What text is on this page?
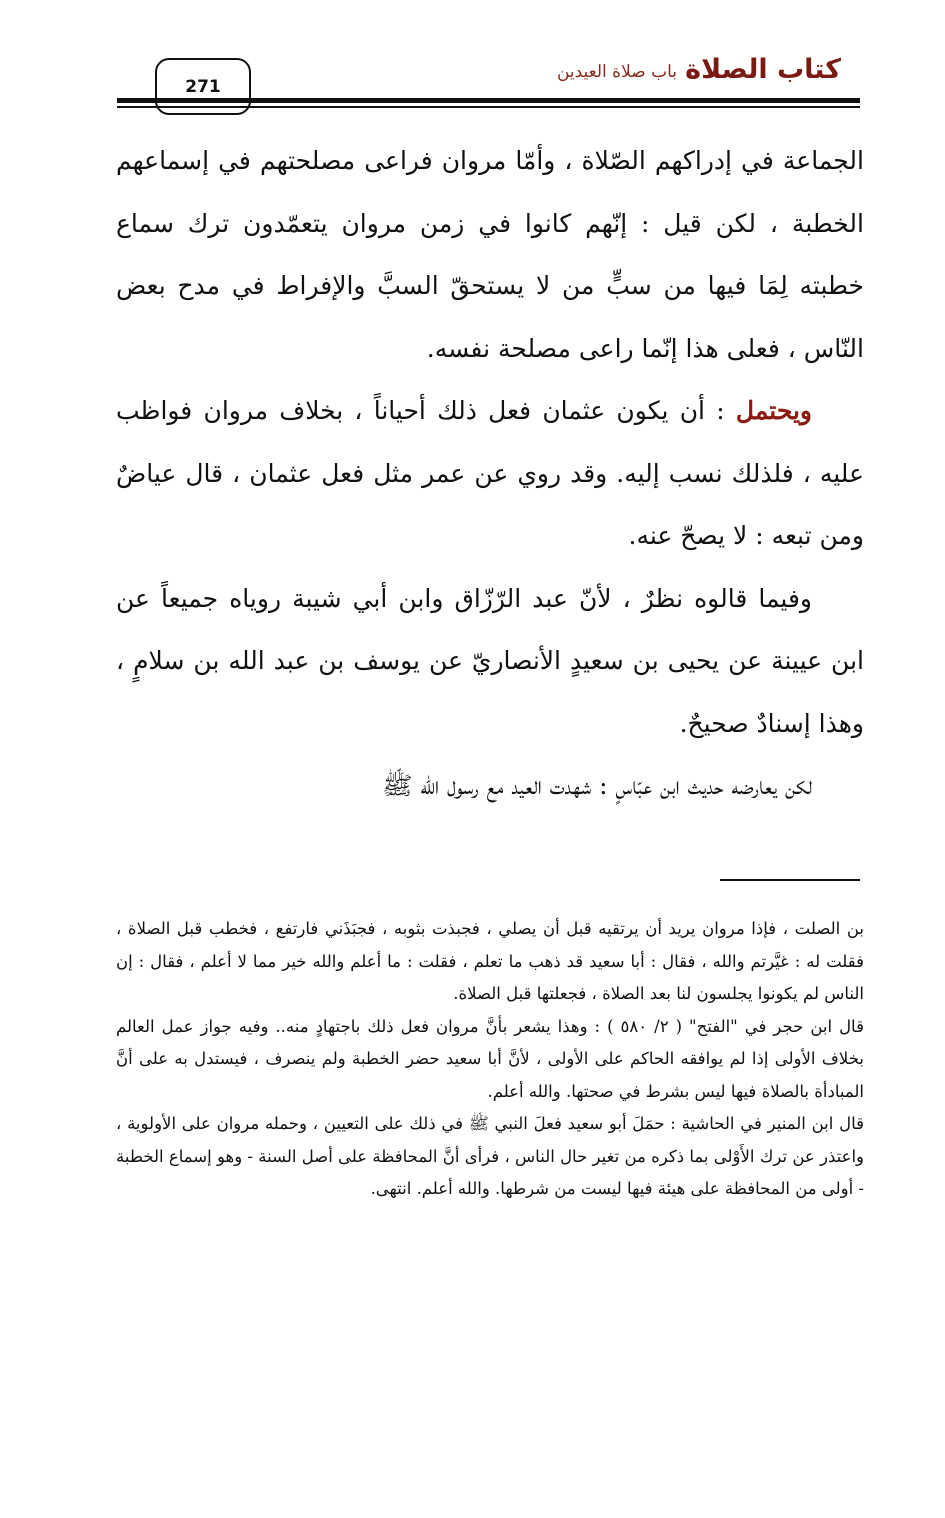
كتاب الصلاة
باب صلاة العيدين
271

الجماعة في إدراكهم الصّلاة ، وأمّا مروان فراعى مصلحتهم في إسماعهم الخطبة ، لكن قيل : إنّهم كانوا في زمن مروان يتعمّدون ترك سماع خطبته لِمَا فيها من سبٍّ من لا يستحقّ السبَّ والإفراط في مدح بعض النّاس ، فعلى هذا إنّما راعى مصلحة نفسه.

ويحتمل : أن يكون عثمان فعل ذلك أحياناً ، بخلاف مروان فواظب عليه ، فلذلك نسب إليه. وقد روي عن عمر مثل فعل عثمان ، قال عياضٌ ومن تبعه : لا يصحّ عنه.

وفيما قالوه نظرٌ ، لأنّ عبد الرّزّاق وابن أبي شيبة روياه جميعاً عن ابن عيينة عن يحيى بن سعيدٍ الأنصاريّ عن يوسف بن عبد الله بن سلامٍ ، وهذا إسنادٌ صحيحٌ.

لكن يعارضه حديث ابن عبّاسٍ : شهدت العيد مع رسول الله ﷺ

بن الصلت ، فإذا مروان يريد أن يرتقيه قبل أن يصلي ، فجبذت بثوبه ، فجبَذَني فارتفع ، فخطب قبل الصلاة ، فقلت له : غيَّرتم والله ، فقال : أبا سعيد قد ذهب ما تعلم ، فقلت : ما أعلم والله خير مما لا أعلم ، فقال : إن الناس لم يكونوا يجلسون لنا بعد الصلاة ، فجعلتها قبل الصلاة.

قال ابن حجر في "الفتح" ( ٢/ ٥٨٠ ) : وهذا يشعر بأنَّ مروان فعل ذلك باجتهادٍ منه.. وفيه جواز عمل العالم بخلاف الأولى إذا لم يوافقه الحاكم على الأولى ، لأنَّ أبا سعيد حضر الخطبة ولم ينصرف ، فيستدل به على أنَّ المبادأة بالصلاة فيها ليس بشرط في صحتها. والله أعلم.

قال ابن المنير في الحاشية : حمَلَ أبو سعيد فعلَ النبي ﷺ في ذلك على التعيين ، وحمله مروان على الأولوية ، واعتذر عن ترك الأَوْلى بما ذكره من تغير حال الناس ، فرأى أنَّ المحافظة على أصل السنة - وهو إسماع الخطبة - أولى من المحافظة على هيئة فيها ليست من شرطها. والله أعلم. انتهى.
